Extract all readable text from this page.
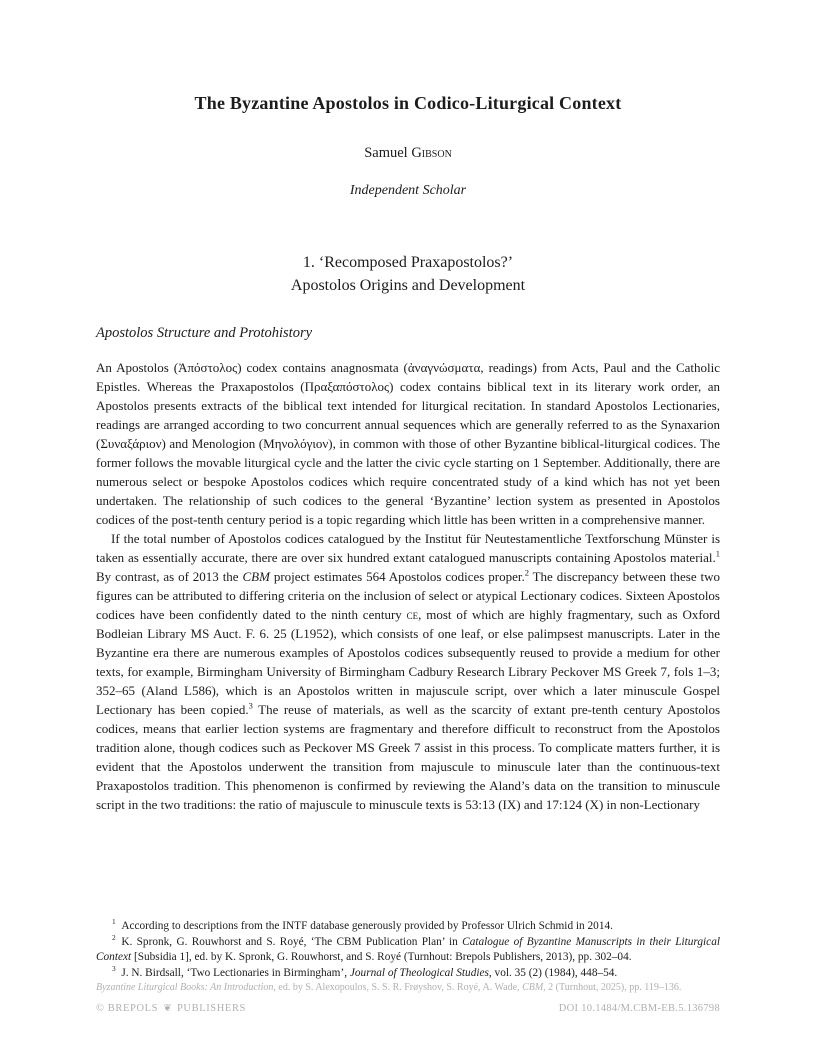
The Byzantine Apostolos in Codico-Liturgical Context
Samuel Gibson
Independent Scholar
1. ‘Recomposed Praxapostolos?’
Apostolos Origins and Development
Apostolos Structure and Protohistory

An Apostolos (Ἀπόστολος) codex contains anagnosmata (ἀναγνώσματα, readings) from Acts, Paul and the Catholic Epistles. Whereas the Praxapostolos (Πραξαπόστολος) codex contains biblical text in its literary work order, an Apostolos presents extracts of the biblical text intended for liturgical recitation. In standard Apostolos Lectionaries, readings are arranged according to two concurrent annual sequences which are generally referred to as the Synaxarion (Συναξάριον) and Menologion (Μηνολόγιον), in common with those of other Byzantine biblical-liturgical codices. The former follows the movable liturgical cycle and the latter the civic cycle starting on 1 September. Additionally, there are numerous select or bespoke Apostolos codices which require concentrated study of a kind which has not yet been undertaken. The relationship of such codices to the general ‘Byzantine’ lection system as presented in Apostolos codices of the post-tenth century period is a topic regarding which little has been written in a comprehensive manner.

If the total number of Apostolos codices catalogued by the Institut für Neutestamentliche Textforschung Münster is taken as essentially accurate, there are over six hundred extant catalogued manuscripts containing Apostolos material.$^1$ By contrast, as of 2013 the CBM project estimates 564 Apostolos codices proper.$^2$ The discrepancy between these two figures can be attributed to differing criteria on the inclusion of select or atypical Lectionary codices. Sixteen Apostolos codices have been confidently dated to the ninth century ce, most of which are highly fragmentary, such as Oxford Bodleian Library MS Auct. F. 6. 25 (L1952), which consists of one leaf, or else palimpsest manuscripts. Later in the Byzantine era there are numerous examples of Apostolos codices subsequently reused to provide a medium for other texts, for example, Birmingham University of Birmingham Cadbury Research Library Peckover MS Greek 7, fols 1–3; 352–65 (Aland L586), which is an Apostolos written in majuscule script, over which a later minuscule Gospel Lectionary has been copied.$^3$ The reuse of materials, as well as the scarcity of extant pre-tenth century Apostolos codices, means that earlier lection systems are fragmentary and therefore difficult to reconstruct from the Apostolos tradition alone, though codices such as Peckover MS Greek 7 assist in this process. To complicate matters further, it is evident that the Apostolos underwent the transition from majuscule to minuscule later than the continuous-text Praxapostolos tradition. This phenomenon is confirmed by reviewing the Aland’s data on the transition to minuscule script in the two traditions: the ratio of majuscule to minuscule texts is 53:13 (IX) and 17:124 (X) in non-Lectionary

$^1$ According to descriptions from the INTF database generously provided by Professor Ulrich Schmid in 2014.

$^2$ K. Spronk, G. Rouwhorst and S. Royé, ‘The CBM Publication Plan’ in Catalogue of Byzantine Manuscripts in their Liturgical Context [Subsidia 1], ed. by K. Spronk, G. Rouwhorst, and S. Royé (Turnhout: Brepols Publishers, 2013), pp. 302–04.

$^3$ J. N. Birdsall, ‘Two Lectionaries in Birmingham’, Journal of Theological Studies, vol. 35 (2) (1984), 448–54.

Byzantine Liturgical Books: An Introduction, ed. by S. Alexopoulos, S. S. R. Frøyshov, S. Royé, A. Wade, CBM, 2 (Turnhout, 2025), pp. 119–136.
© BREPOLS ❦ PUBLISHERS	DOI 10.1484/M.CBM-EB.5.136798
